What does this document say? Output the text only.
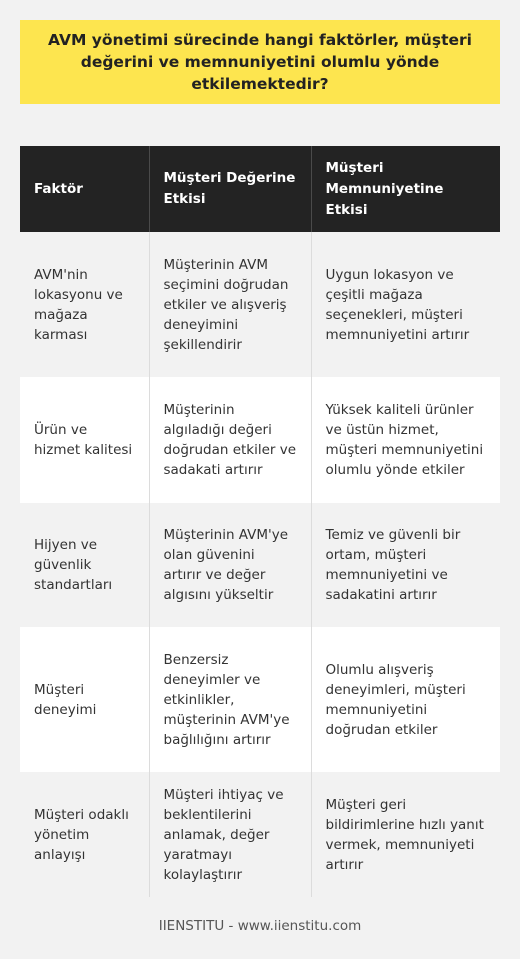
AVM yönetimi sürecinde hangi faktörler, müşteri değerini ve memnuniyetini olumlu yönde etkilemektedir?
Faktör	Müşteri Değerine Etkisi	Müşteri Memnuniyetine Etkisi
AVM'nin lokasyonu ve mağaza karması	Müşterinin AVM seçimini doğrudan etkiler ve alışveriş deneyimini şekillendirir	Uygun lokasyon ve çeşitli mağaza seçenekleri, müşteri memnuniyetini artırır
Ürün ve hizmet kalitesi	Müşterinin algıladığı değeri doğrudan etkiler ve sadakati artırır	Yüksek kaliteli ürünler ve üstün hizmet, müşteri memnuniyetini olumlu yönde etkiler
Hijyen ve güvenlik standartları	Müşterinin AVM'ye olan güvenini artırır ve değer algısını yükseltir	Temiz ve güvenli bir ortam, müşteri memnuniyetini ve sadakatini artırır
Müşteri deneyimi	Benzersiz deneyimler ve etkinlikler, müşterinin AVM'ye bağlılığını artırır	Olumlu alışveriş deneyimleri, müşteri memnuniyetini doğrudan etkiler
Müşteri odaklı yönetim anlayışı	Müşteri ihtiyaç ve beklentilerini anlamak, değer yaratmayı kolaylaştırır	Müşteri geri bildirimlerine hızlı yanıt vermek, memnuniyeti artırır
IIENSTITU - www.iienstitu.com
